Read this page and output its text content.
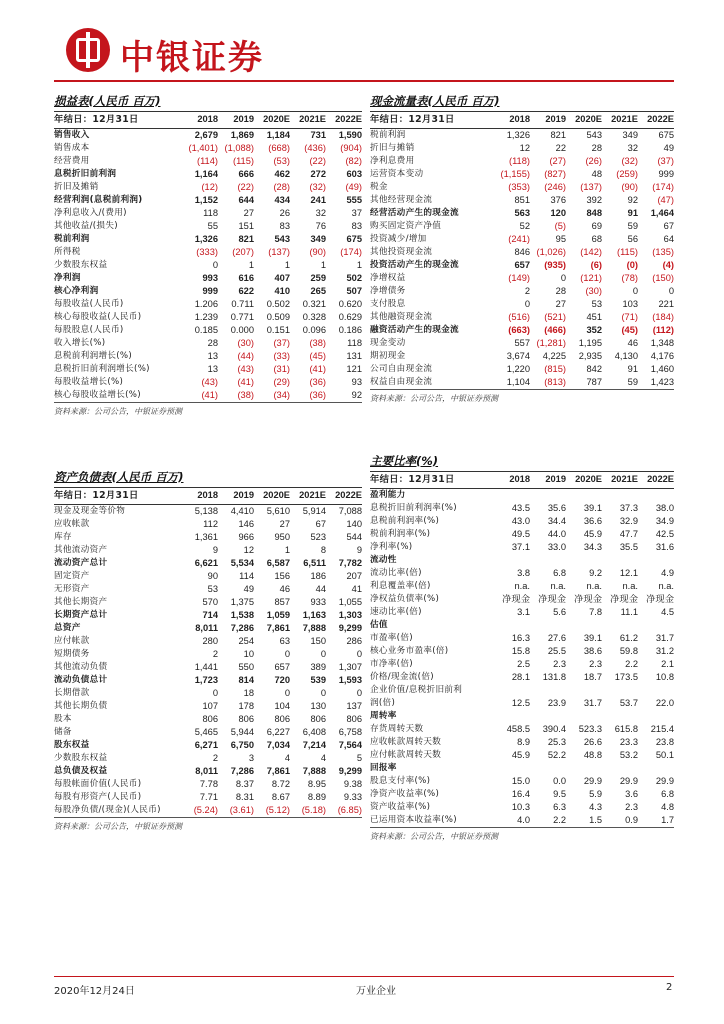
中银证券
损益表(人民币 百万)
年结日：12月31日	2018	2019	2020E	2021E	2022E
销售收入	2,679	1,869	1,184	731	1,590
销售成本	(1,401)	(1,088)	(668)	(436)	(904)
经营费用	(114)	(115)	(53)	(22)	(82)
息税折旧前利润	1,164	666	462	272	603
折旧及摊销	(12)	(22)	(28)	(32)	(49)
经营利润(息税前利润)	1,152	644	434	241	555
净利息收入/(费用)	118	27	26	32	37
其他收益/(损失)	55	151	83	76	83
税前利润	1,326	821	543	349	675
所得税	(333)	(207)	(137)	(90)	(174)
少数股东权益	0	1	1	1	1
净利润	993	616	407	259	502
核心净利润	999	622	410	265	507
每股收益(人民币)	1.206	0.711	0.502	0.321	0.620
核心每股收益(人民币)	1.239	0.771	0.509	0.328	0.629
每股股息(人民币)	0.185	0.000	0.151	0.096	0.186
收入增长(%)	28	(30)	(37)	(38)	118
息税前利润增长(%)	13	(44)	(33)	(45)	131
息税折旧前利润增长(%)	13	(43)	(31)	(41)	121
每股收益增长(%)	(43)	(41)	(29)	(36)	93
核心每股收益增长(%)	(41)	(38)	(34)	(36)	92
资料来源：公司公告，中银证券预测
资产负债表(人民币 百万)
年结日：12月31日	2018	2019	2020E	2021E	2022E
现金及现金等价物	5,138	4,410	5,610	5,914	7,088
应收帐款	112	146	27	67	140
库存	1,361	966	950	523	544
其他流动资产	9	12	1	8	9
流动资产总计	6,621	5,534	6,587	6,511	7,782
固定资产	90	114	156	186	207
无形资产	53	49	46	44	41
其他长期资产	570	1,375	857	933	1,055
长期资产总计	714	1,538	1,059	1,163	1,303
总资产	8,011	7,286	7,861	7,888	9,299
应付帐款	280	254	63	150	286
短期债务	2	10	0	0	0
其他流动负债	1,441	550	657	389	1,307
流动负债总计	1,723	814	720	539	1,593
长期借款	0	18	0	0	0
其他长期负债	107	178	104	130	137
股本	806	806	806	806	806
储备	5,465	5,944	6,227	6,408	6,758
股东权益	6,271	6,750	7,034	7,214	7,564
少数股东权益	2	3	4	4	5
总负债及权益	8,011	7,286	7,861	7,888	9,299
每股帐面价值(人民币)	7.78	8.37	8.72	8.95	9.38
每股有形资产(人民币)	7.71	8.31	8.67	8.89	9.33
每股净负债/(现金)(人民币)	(5.24)	(3.61)	(5.12)	(5.18)	(6.85)
资料来源：公司公告，中银证券预测
现金流量表(人民币 百万)
年结日：12月31日	2018	2019	2020E	2021E	2022E
税前利润	1,326	821	543	349	675
折旧与摊销	12	22	28	32	49
净利息费用	(118)	(27)	(26)	(32)	(37)
运营资本变动	(1,155)	(827)	48	(259)	999
税金	(353)	(246)	(137)	(90)	(174)
其他经营现金流	851	376	392	92	(47)
经营活动产生的现金流	563	120	848	91	1,464
购买固定资产净值	52	(5)	69	59	67
投资减少/增加	(241)	95	68	56	64
其他投资现金流	846	(1,026)	(142)	(115)	(135)
投资活动产生的现金流	657	(935)	(6)	(0)	(4)
净增权益	(149)	0	(121)	(78)	(150)
净增债务	2	28	(30)	0	0
支付股息	0	27	53	103	221
其他融资现金流	(516)	(521)	451	(71)	(184)
融资活动产生的现金流	(663)	(466)	352	(45)	(112)
现金变动	557	(1,281)	1,195	46	1,348
期初现金	3,674	4,225	2,935	4,130	4,176
公司自由现金流	1,220	(815)	842	91	1,460
权益自由现金流	1,104	(813)	787	59	1,423
资料来源：公司公告，中银证券预测
主要比率(%)
年结日：12月31日	2018	2019	2020E	2021E	2022E
盈利能力					
息税折旧前利润率(%)	43.5	35.6	39.1	37.3	38.0
息税前利润率(%)	43.0	34.4	36.6	32.9	34.9
税前利润率(%)	49.5	44.0	45.9	47.7	42.5
净利率(%)	37.1	33.0	34.3	35.5	31.6
流动性					
流动比率(倍)	3.8	6.8	9.2	12.1	4.9
利息覆盖率(倍)	n.a.	n.a.	n.a.	n.a.	n.a.
净权益负债率(%)	净现金	净现金	净现金	净现金	净现金
速动比率(倍)	3.1	5.6	7.8	11.1	4.5
估值					
市盈率(倍)	16.3	27.6	39.1	61.2	31.7
核心业务市盈率(倍)	15.8	25.5	38.6	59.8	31.2
市净率(倍)	2.5	2.3	2.3	2.2	2.1
价格/现金流(倍)	28.1	131.8	18.7	173.5	10.8
企业价值/息税折旧前利					
润(倍)	12.5	23.9	31.7	53.7	22.0
周转率					
存货周转天数	458.5	390.4	523.3	615.8	215.4
应收帐款周转天数	8.9	25.3	26.6	23.3	23.8
应付帐款周转天数	45.9	52.2	48.8	53.2	50.1
回报率					
股息支付率(%)	15.0	0.0	29.9	29.9	29.9
净资产收益率(%)	16.4	9.5	5.9	3.6	6.8
资产收益率(%)	10.3	6.3	4.3	2.3	4.8
已运用资本收益率(%)	4.0	2.2	1.5	0.9	1.7
资料来源：公司公告，中银证券预测
2020年12月24日	万业企业	2
